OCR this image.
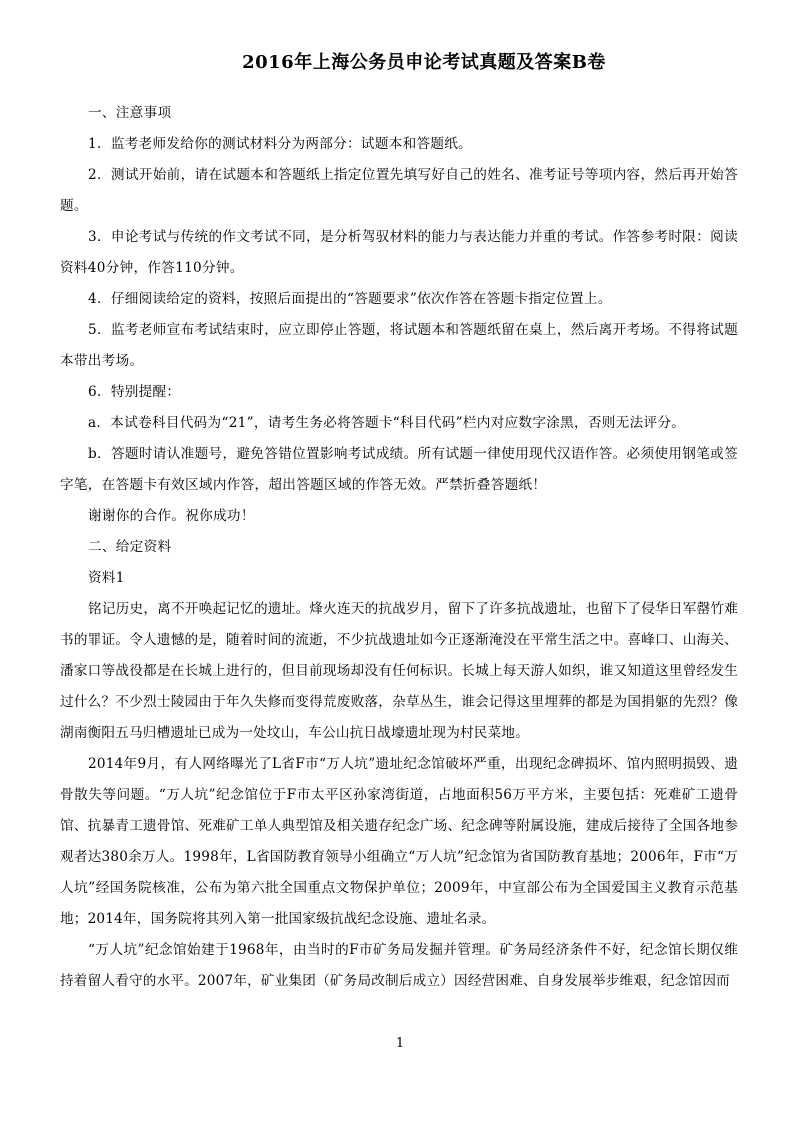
2016年上海公务员申论考试真题及答案B卷

一、注意事项

1．监考老师发给你的测试材料分为两部分：试题本和答题纸。

2．测试开始前，请在试题本和答题纸上指定位置先填写好自己的姓名、准考证号等项内容，然后再开始答题。

3．申论考试与传统的作文考试不同，是分析驾驭材料的能力与表达能力并重的考试。作答参考时限：阅读资料40分钟，作答110分钟。

4．仔细阅读给定的资料，按照后面提出的“答题要求”依次作答在答题卡指定位置上。

5．监考老师宣布考试结束时，应立即停止答题，将试题本和答题纸留在桌上，然后离开考场。不得将试题本带出考场。

6．特别提醒：

a．本试卷科目代码为“21”，请考生务必将答题卡“科目代码”栏内对应数字涂黑，否则无法评分。

b．答题时请认准题号，避免答错位置影响考试成绩。所有试题一律使用现代汉语作答。必须使用钢笔或签字笔，在答题卡有效区域内作答，超出答题区域的作答无效。严禁折叠答题纸！

谢谢你的合作。祝你成功！

二、给定资料

资料1

铭记历史，离不开唤起记忆的遗址。烽火连天的抗战岁月，留下了许多抗战遗址，也留下了侵华日军罄竹难书的罪证。令人遗憾的是，随着时间的流逝，不少抗战遗址如今正逐渐淹没在平常生活之中。喜峰口、山海关、潘家口等战役都是在长城上进行的，但目前现场却没有任何标识。长城上每天游人如织，谁又知道这里曾经发生过什么？不少烈士陵园由于年久失修而变得荒废败落，杂草丛生，谁会记得这里埋葬的都是为国捐躯的先烈？像湖南衡阳五马归槽遗址已成为一处坟山，车公山抗日战壕遗址现为村民菜地。

2014年9月，有人网络曝光了L省F市“万人坑”遗址纪念馆破坏严重，出现纪念碑损坏、馆内照明损毁、遗骨散失等问题。“万人坑”纪念馆位于F市太平区孙家湾街道，占地面积56万平方米，主要包括：死难矿工遗骨馆、抗暴青工遗骨馆、死难矿工单人典型馆及相关遗存纪念广场、纪念碑等附属设施，建成后接待了全国各地参观者达380余万人。1998年，L省国防教育领导小组确立“万人坑”纪念馆为省国防教育基地；2006年，F市“万人坑”经国务院核准，公布为第六批全国重点文物保护单位；2009年，中宣部公布为全国爱国主义教育示范基地；2014年，国务院将其列入第一批国家级抗战纪念设施、遗址名录。

“万人坑”纪念馆始建于1968年，由当时的F市矿务局发掘并管理。矿务局经济条件不好，纪念馆长期仅维持着留人看守的水平。2007年，矿业集团（矿务局改制后成立）因经营困难、自身发展举步维艰，纪念馆因而

1
